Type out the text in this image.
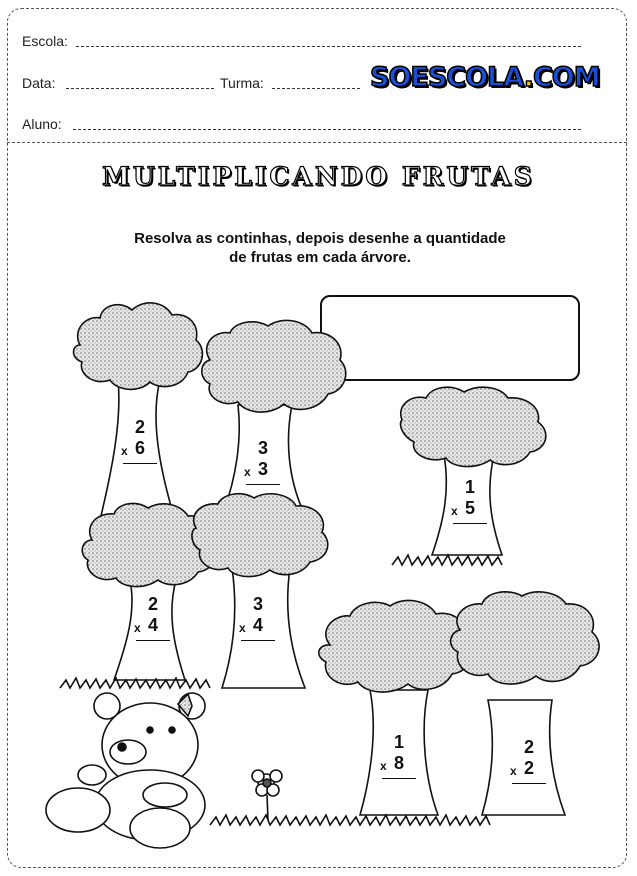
Escola:
Data:	Turma:
Aluno:
SOESCOLA.COM
MULTIPLICANDO FRUTAS
Resolva as continhas, depois desenhe a quantidade
de frutas em cada árvore.
2
6
x	3
3
x
1
5
x
2
4
x
3
4
x
1
8
x
2
2
x
